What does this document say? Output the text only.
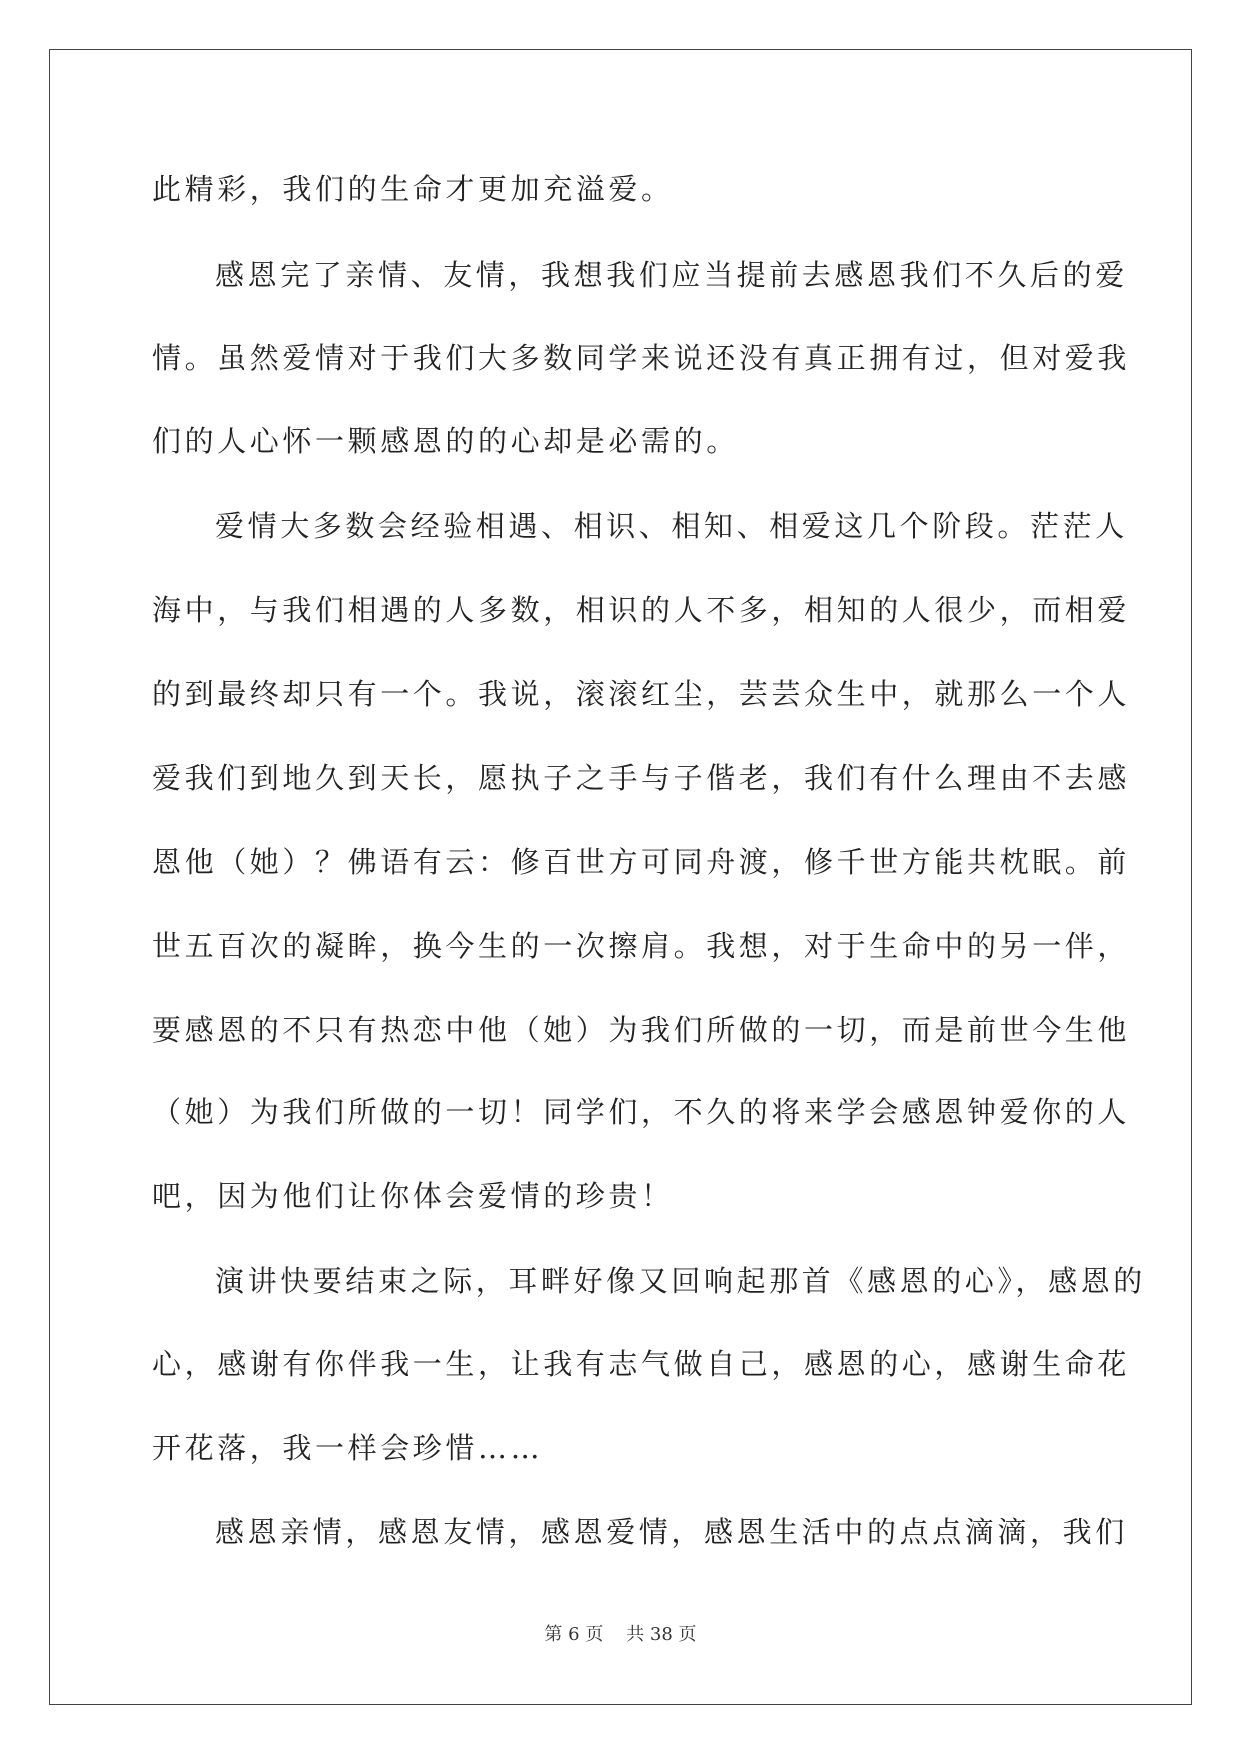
此精彩，我们的生命才更加充溢爱。

感恩完了亲情、友情，我想我们应当提前去感恩我们不久后的爱

情。虽然爱情对于我们大多数同学来说还没有真正拥有过，但对爱我

们的人心怀一颗感恩的的心却是必需的。

爱情大多数会经验相遇、相识、相知、相爱这几个阶段。茫茫人

海中，与我们相遇的人多数，相识的人不多，相知的人很少，而相爱

的到最终却只有一个。我说，滚滚红尘，芸芸众生中，就那么一个人

爱我们到地久到天长，愿执子之手与子偕老，我们有什么理由不去感

恩他（她）？佛语有云：修百世方可同舟渡，修千世方能共枕眠。前

世五百次的凝眸，换今生的一次擦肩。我想，对于生命中的另一伴，

要感恩的不只有热恋中他（她）为我们所做的一切，而是前世今生他

（她）为我们所做的一切！同学们，不久的将来学会感恩钟爱你的人

吧，因为他们让你体会爱情的珍贵！

演讲快要结束之际，耳畔好像又回响起那首《感恩的心》，感恩的

心，感谢有你伴我一生，让我有志气做自己，感恩的心，感谢生命花

开花落，我一样会珍惜……

感恩亲情，感恩友情，感恩爱情，感恩生活中的点点滴滴，我们

第 6 页    共 38 页
